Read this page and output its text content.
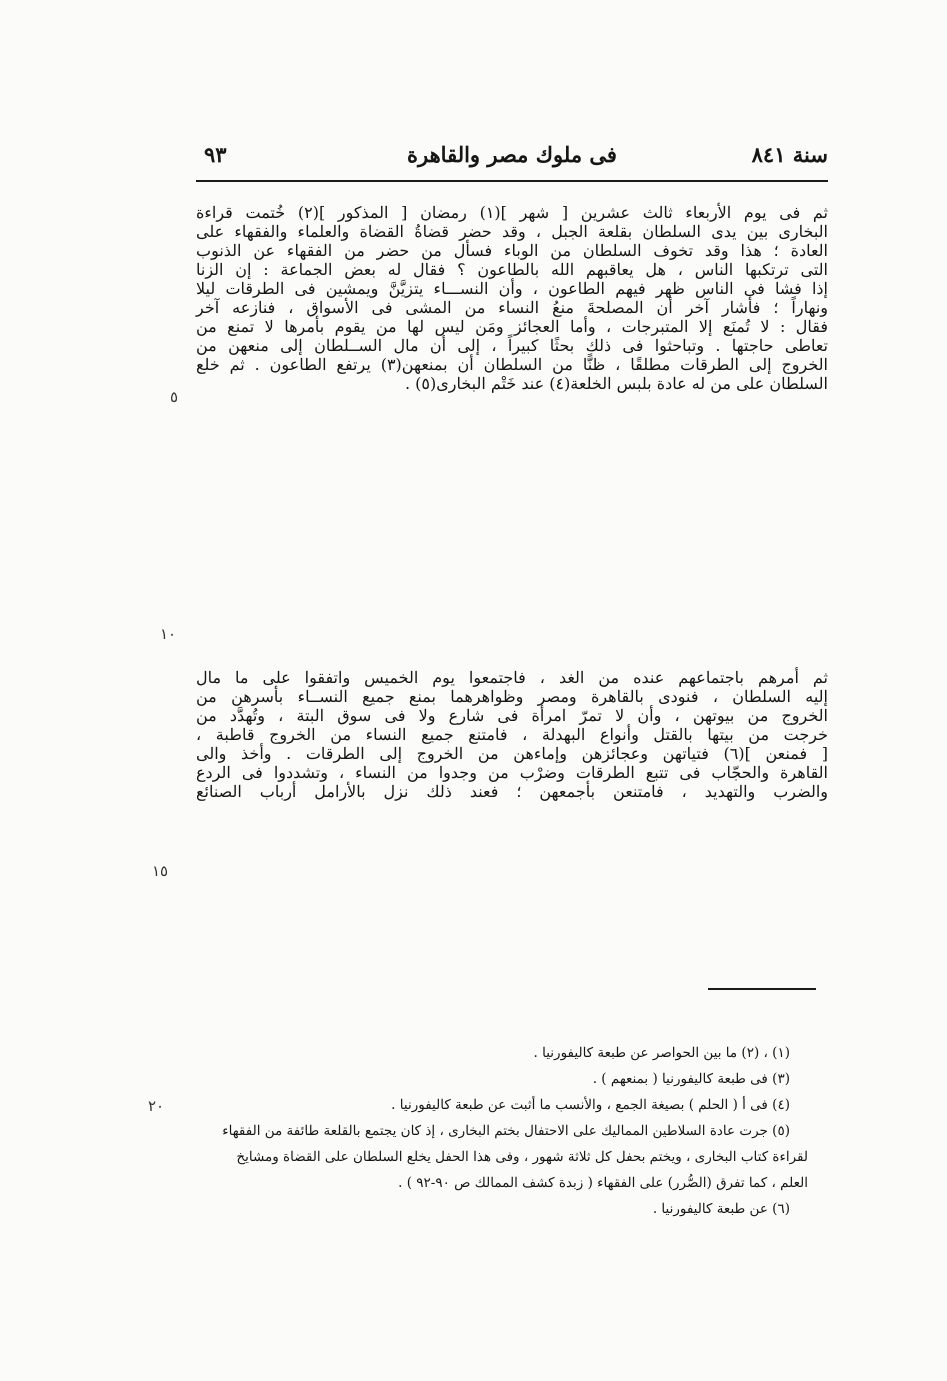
سنة ٨٤١
فى ملوك مصر والقاهرة
٩٣
ثم فى يوم الأربعاء ثالث عشرين [ شهر ](١) رمضان [ المذكور ](٢) خُتمت قراءة
البخارى بين يدى السلطان بقلعة الجبل ، وقد حضر قضاةُ القضاة والعلماء والفقهاء على
العادة ؛ هذا وقد تخوف السلطان من الوباء فسأل من حضر من الفقهاء عن الذنوب
التى ترتكبها الناس ، هل يعاقبهم الله بالطاعون ؟ فقال له بعض الجماعة : إن الزنا
إذا فشا فى الناس ظهر فيهم الطاعون ، وأن النســـاء يتزيَّنَّ ويمشين فى الطرقات ليلا
ونهاراً ؛ فأشار آخر أن المصلحةَ منعُ النساء من المشى فى الأسواق ، فنازعه آخر
فقال : لا تُمنَع إلا المتبرجات ، وأما العجائز ومَن ليس لها من يقوم بأمرها لا تمنع من
تعاطى حاجتها . وتباحثوا فى ذلك بحثًا كبيراً ، إلى أن مال الســلطان إلى منعهن من
الخروج إلى الطرقات مطلقًا ، ظنًّا من السلطان أن بمنعهن(٣) يرتفع الطاعون . ثم خلع
السلطان على من له عادة بلبس الخلعة(٤) عند خَتْم البخارى(٥) .
ثم أمرهم باجتماعهم عنده من الغد ، فاجتمعوا يوم الخميس واتفقوا على ما مال
إليه السلطان ، فنودى بالقاهرة ومصر وظواهرهما بمنع جميع النســاء بأسرهن من
الخروج من بيوتهن ، وأن لا تمرّ امرأة فى شارع ولا فى سوق البتة ، وتُهدَّد من
خرجت من بيتها بالقتل وأنواع البهدلة ، فامتنع جميع النساء من الخروج قاطبة ،
[ فمنعن ](٦) فتياتهن وعجائزهن وإماءهن من الخروج إلى الطرقات . وأخذ والى
القاهرة والحجّاب فى تتبع الطرقات وضرْب من وجدوا من النساء ، وتشددوا فى الردع
والضرب والتهديد ، فامتنعن بأجمعهن ؛ فعند ذلك نزل بالأرامل أرباب الصنائع
٥
١٠
١٥
٢٠
(١) ، (٢) ما بين الحواصر عن طبعة كاليفورنيا .
(٣) فى طبعة كاليفورنيا ( بمنعهم ) .
(٤) فى أ ( الحلم ) بصيغة الجمع ، والأنسب ما أثبت عن طبعة كاليفورنيا .
(٥) جرت عادة السلاطين المماليك على الاحتفال بختم البخارى ، إذ كان يجتمع بالقلعة طائفة من الفقهاء
لقراءة كتاب البخارى ، ويختم بحفل كل ثلاثة شهور ، وفى هذا الحفل يخلع السلطان على القضاة ومشايخ
العلم ، كما تفرق (الصُّرر) على الفقهاء ( زبدة كشف الممالك ص ٩٠-٩٢ ) .
(٦) عن طبعة كاليفورنيا .
